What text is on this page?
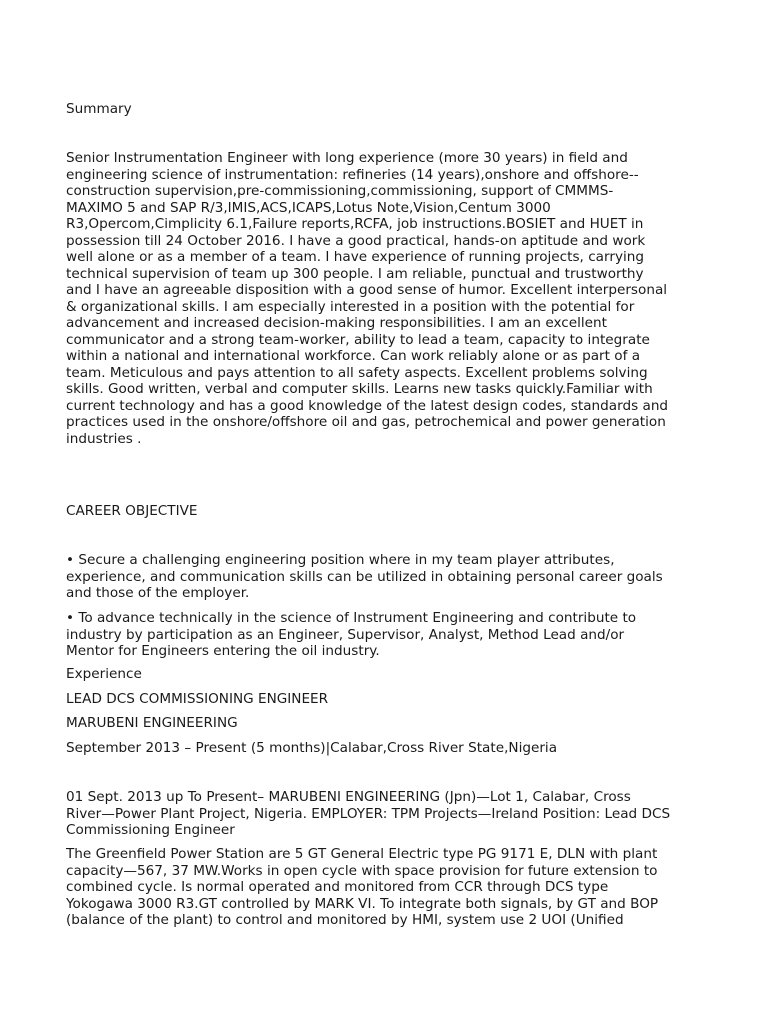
Summary

Senior Instrumentation Engineer with long experience (more 30 years) in field and

engineering science of instrumentation: refineries (14 years),onshore and offshore--

construction supervision,pre-commissioning,commissioning, support of CMMMS-

MAXIMO 5 and SAP R/3,IMIS,ACS,ICAPS,Lotus Note,Vision,Centum 3000

R3,Opercom,Cimplicity 6.1,Failure reports,RCFA, job instructions.BOSIET and HUET in

possession till 24 October 2016. I have a good practical, hands-on aptitude and work

well alone or as a member of a team. I have experience of running projects, carrying

technical supervision of team up 300 people. I am reliable, punctual and trustworthy

and I have an agreeable disposition with a good sense of humor. Excellent interpersonal

& organizational skills. I am especially interested in a position with the potential for

advancement and increased decision-making responsibilities. I am an excellent

communicator and a strong team-worker, ability to lead a team, capacity to integrate

within a national and international workforce. Can work reliably alone or as part of a

team. Meticulous and pays attention to all safety aspects. Excellent problems solving

skills. Good written, verbal and computer skills. Learns new tasks quickly.Familiar with

current technology and has a good knowledge of the latest design codes, standards and

practices used in the onshore/offshore oil and gas, petrochemical and power generation

industries .

CAREER OBJECTIVE

• Secure a challenging engineering position where in my team player attributes,

experience, and communication skills can be utilized in obtaining personal career goals

and those of the employer.

• To advance technically in the science of Instrument Engineering and contribute to

industry by participation as an Engineer, Supervisor, Analyst, Method Lead and/or

Mentor for Engineers entering the oil industry.

Experience

LEAD DCS COMMISSIONING ENGINEER

MARUBENI ENGINEERING

September 2013 – Present (5 months)|Calabar,Cross River State,Nigeria

01 Sept. 2013 up To Present– MARUBENI ENGINEERING (Jpn)—Lot 1, Calabar, Cross

River—Power Plant Project, Nigeria. EMPLOYER: TPM Projects—Ireland Position: Lead DCS

Commissioning Engineer

The Greenfield Power Station are 5 GT General Electric type PG 9171 E, DLN with plant

capacity—567, 37 MW.Works in open cycle with space provision for future extension to

combined cycle. Is normal operated and monitored from CCR through DCS type

Yokogawa 3000 R3.GT controlled by MARK VI. To integrate both signals, by GT and BOP

(balance of the plant) to control and monitored by HMI, system use 2 UOI (Unified
